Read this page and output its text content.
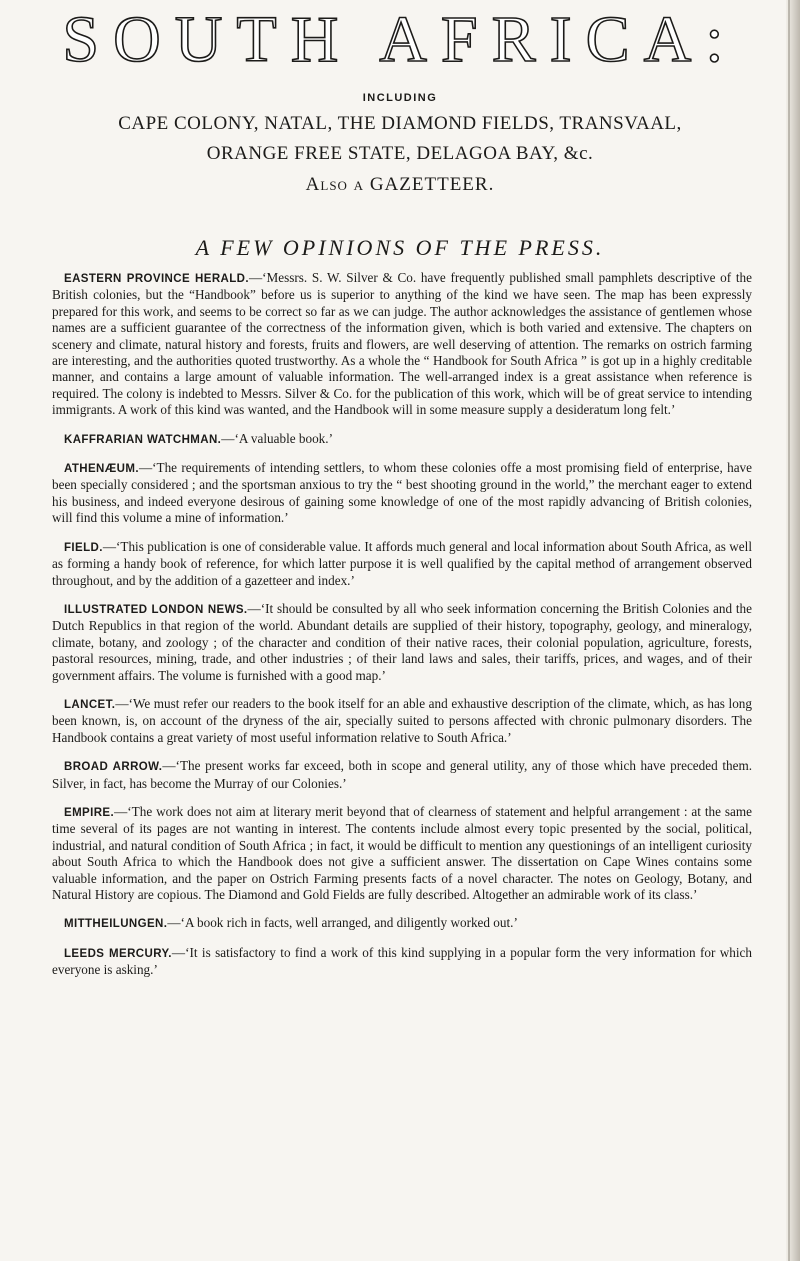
SOUTH AFRICA:
INCLUDING
CAPE COLONY, NATAL, THE DIAMOND FIELDS, TRANSVAAL,
ORANGE FREE STATE, DELAGOA BAY, &c.
Also a GAZETTEER.
A FEW OPINIONS OF THE PRESS.

EASTERN PROVINCE HERALD.—‘Messrs. S. W. Silver & Co. have frequently published small pamphlets descriptive of the British colonies, but the “Handbook” before us is superior to anything of the kind we have seen. The map has been expressly prepared for this work, and seems to be correct so far as we can judge. The author acknowledges the assistance of gentlemen whose names are a sufficient guarantee of the correctness of the information given, which is both varied and extensive. The chapters on scenery and climate, natural history and forests, fruits and flowers, are well deserving of attention. The remarks on ostrich farming are interesting, and the authorities quoted trustworthy. As a whole the “ Handbook for South Africa ” is got up in a highly creditable manner, and contains a large amount of valuable information. The well-arranged index is a great assistance when reference is required. The colony is indebted to Messrs. Silver & Co. for the publication of this work, which will be of great service to intending immigrants. A work of this kind was wanted, and the Handbook will in some measure supply a desideratum long felt.’

KAFFRARIAN WATCHMAN.—‘A valuable book.’

ATHENÆUM.—‘The requirements of intending settlers, to whom these colonies offe a most promising field of enterprise, have been specially considered ; and the sportsman anxious to try the “ best shooting ground in the world,” the merchant eager to extend his business, and indeed everyone desirous of gaining some knowledge of one of the most rapidly advancing of British colonies, will find this volume a mine of information.’

FIELD.—‘This publication is one of considerable value. It affords much general and local information about South Africa, as well as forming a handy book of reference, for which latter purpose it is well qualified by the capital method of arrangement observed throughout, and by the addition of a gazetteer and index.’

ILLUSTRATED LONDON NEWS.—‘It should be consulted by all who seek information concerning the British Colonies and the Dutch Republics in that region of the world. Abundant details are supplied of their history, topography, geology, and mineralogy, climate, botany, and zoology ; of the character and condition of their native races, their colonial population, agriculture, forests, pastoral resources, mining, trade, and other industries ; of their land laws and sales, their tariffs, prices, and wages, and of their government affairs. The volume is furnished with a good map.’

LANCET.—‘We must refer our readers to the book itself for an able and exhaustive description of the climate, which, as has long been known, is, on account of the dryness of the air, specially suited to persons affected with chronic pulmonary disorders. The Handbook contains a great variety of most useful information relative to South Africa.’

BROAD ARROW.—‘The present works far exceed, both in scope and general utility, any of those which have preceded them. Silver, in fact, has become the Murray of our Colonies.’

EMPIRE.—‘The work does not aim at literary merit beyond that of clearness of statement and helpful arrangement : at the same time several of its pages are not wanting in interest. The contents include almost every topic presented by the social, political, industrial, and natural condition of South Africa ; in fact, it would be difficult to mention any questionings of an intelligent curiosity about South Africa to which the Handbook does not give a sufficient answer. The dissertation on Cape Wines contains some valuable information, and the paper on Ostrich Farming presents facts of a novel character. The notes on Geology, Botany, and Natural History are copious. The Diamond and Gold Fields are fully described. Altogether an admirable work of its class.’

MITTHEILUNGEN.—‘A book rich in facts, well arranged, and diligently worked out.’

LEEDS MERCURY.—‘It is satisfactory to find a work of this kind supplying in a popular form the very information for which everyone is asking.’
